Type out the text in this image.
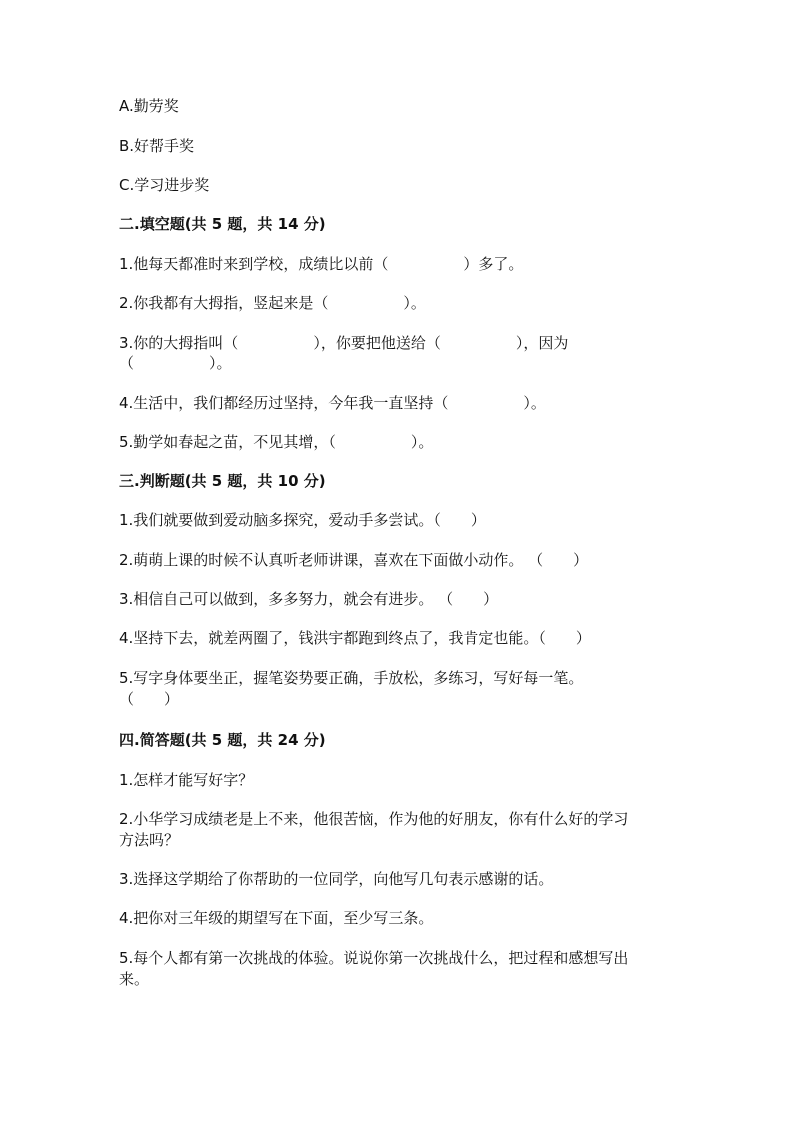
A.勤劳奖
B.好帮手奖
C.学习进步奖
二.填空题(共 5 题，共 14 分)
1.他每天都准时来到学校，成绩比以前（　　　　　）多了。
2.你我都有大拇指，竖起来是（　　　　　）。
3.你的大拇指叫（　　　　　），你要把他送给（　　　　　），因为
（　　　　　）。
4.生活中，我们都经历过坚持，今年我一直坚持（　　　　　）。
5.勤学如春起之苗，不见其增，（　　　　　）。
三.判断题(共 5 题，共 10 分)
1.我们就要做到爱动脑多探究，爱动手多尝试。（　　）
2.萌萌上课的时候不认真听老师讲课，喜欢在下面做小动作。 （　　）
3.相信自己可以做到，多多努力，就会有进步。 （　　）
4.坚持下去，就差两圈了，钱洪宇都跑到终点了，我肯定也能。（　　）
5.写字身体要坐正，握笔姿势要正确，手放松，多练习，写好每一笔。
（　　）
四.简答题(共 5 题，共 24 分)
1.怎样才能写好字？
2.小华学习成绩老是上不来，他很苦恼，作为他的好朋友，你有什么好的学习
方法吗？
3.选择这学期给了你帮助的一位同学，向他写几句表示感谢的话。
4.把你对三年级的期望写在下面，至少写三条。
5.每个人都有第一次挑战的体验。说说你第一次挑战什么，把过程和感想写出
来。
